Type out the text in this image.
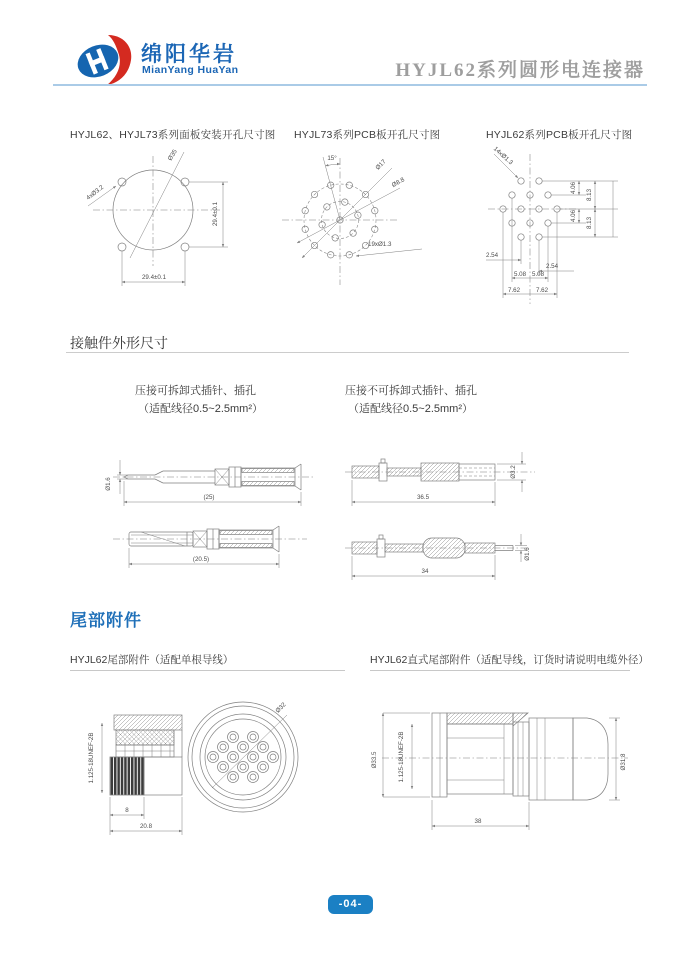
绵阳华岩
MianYang HuaYan	HYJL62系列圆形电连接器
HYJL62、HYJL73系列面板安装开孔尺寸图 HYJL73系列PCB板开孔尺寸图	HYJL62系列PCB板开孔尺寸图
4xØ3.2
Ø35
29.4±0.1
29.4±0.1
15°	Ø17
Ø8.8
19xØ1.3
14xØ1.3
4.06
8.13
4.06
8.13
2.54
2.54
5.08 5.08
7.62	7.62
接触件外形尺寸
压接可拆卸式插针、插孔
（适配线径0.5~2.5mm²）
压接不可拆卸式插针、插孔
（适配线径0.5~2.5mm²）
Ø1.6
(25)
(20.5)
36.5
Ø3.2
34
Ø1.6
尾部附件
HYJL62尾部附件（适配单根导线）	HYJL62直式尾部附件（适配导线，订货时请说明电缆外径）
1.125-18UNEF-2B
8
20.8
Ø32
Ø33.5	1.125-18UNEF-2B	Ø31.8
38
-04-
